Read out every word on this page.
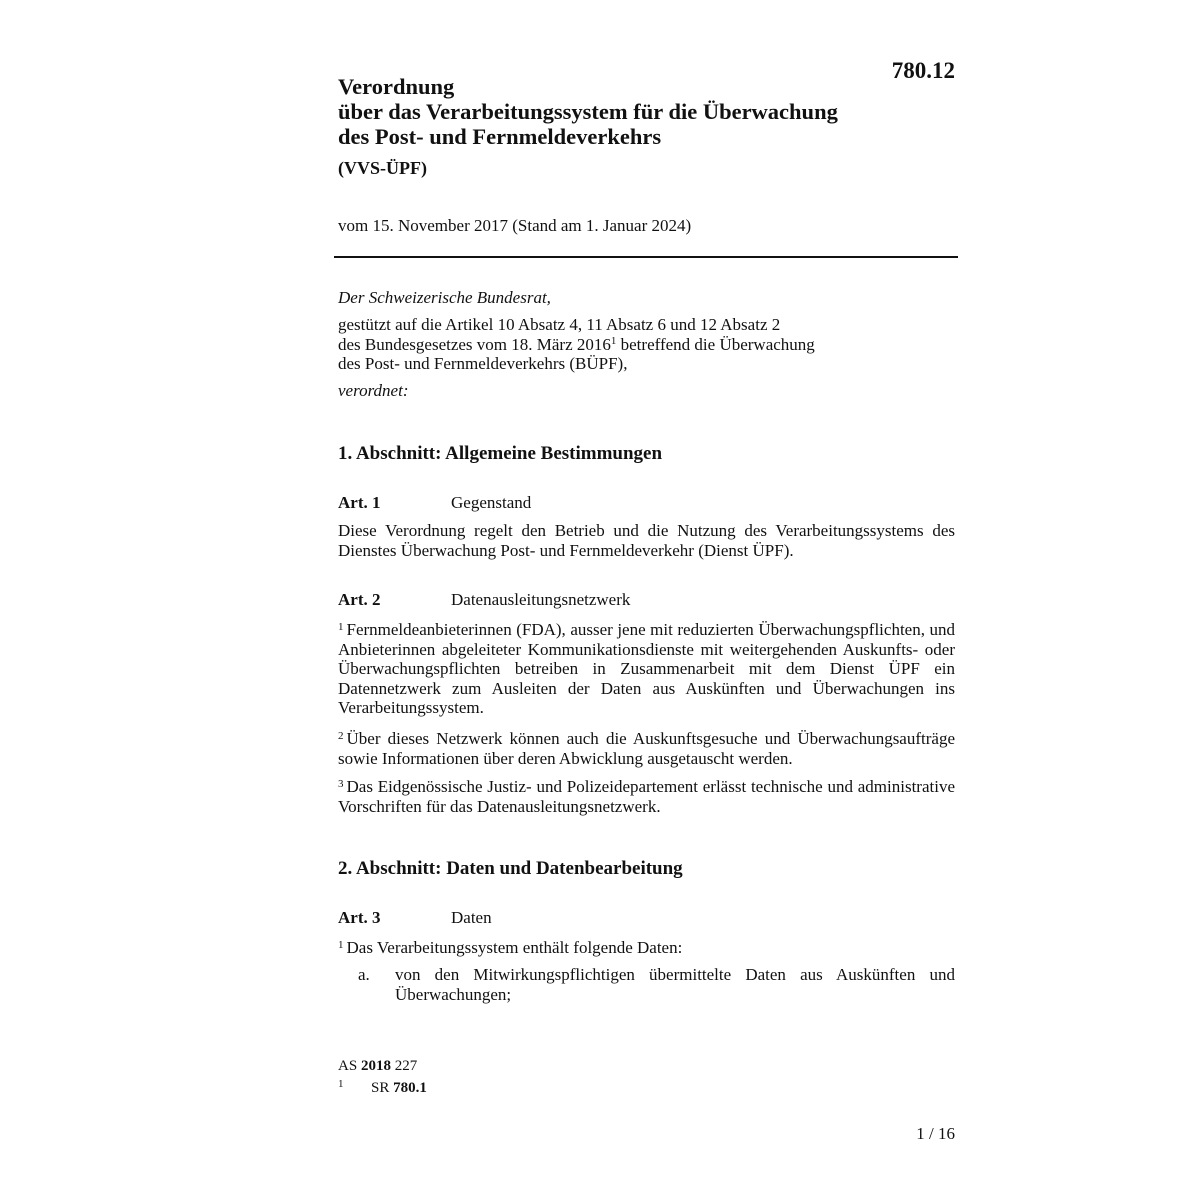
780.12
Verordnung
über das Verarbeitungssystem für die Überwachung
des Post- und Fernmeldeverkehrs
(VVS-ÜPF)
vom 15. November 2017 (Stand am 1. Januar 2024)
Der Schweizerische Bundesrat,
gestützt auf die Artikel 10 Absatz 4, 11 Absatz 6 und 12 Absatz 2
des Bundesgesetzes vom 18. März 2016$^1$ betreffend die Überwachung
des Post- und Fernmeldeverkehrs (BÜPF),
verordnet:
1. Abschnitt: Allgemeine Bestimmungen
Art. 1	Gegenstand
Diese Verordnung regelt den Betrieb und die Nutzung des Verarbeitungssystems des Dienstes Überwachung Post- und Fernmeldeverkehr (Dienst ÜPF).
Art. 2	Datenausleitungsnetzwerk
$^1$ Fernmeldeanbieterinnen (FDA), ausser jene mit reduzierten Überwachungspflichten, und Anbieterinnen abgeleiteter Kommunikationsdienste mit weitergehenden Auskunfts- oder Überwachungspflichten betreiben in Zusammenarbeit mit dem Dienst ÜPF ein Datennetzwerk zum Ausleiten der Daten aus Auskünften und Überwachungen ins Verarbeitungssystem.
$^2$ Über dieses Netzwerk können auch die Auskunftsgesuche und Überwachungsaufträge sowie Informationen über deren Abwicklung ausgetauscht werden.
$^3$ Das Eidgenössische Justiz- und Polizeidepartement erlässt technische und administrative Vorschriften für das Datenausleitungsnetzwerk.
2. Abschnitt: Daten und Datenbearbeitung
Art. 3	Daten
$^1$ Das Verarbeitungssystem enthält folgende Daten:
a. von den Mitwirkungspflichtigen übermittelte Daten aus Auskünften und Überwachungen;
AS 2018 227
$^1$ SR 780.1
1 / 16
